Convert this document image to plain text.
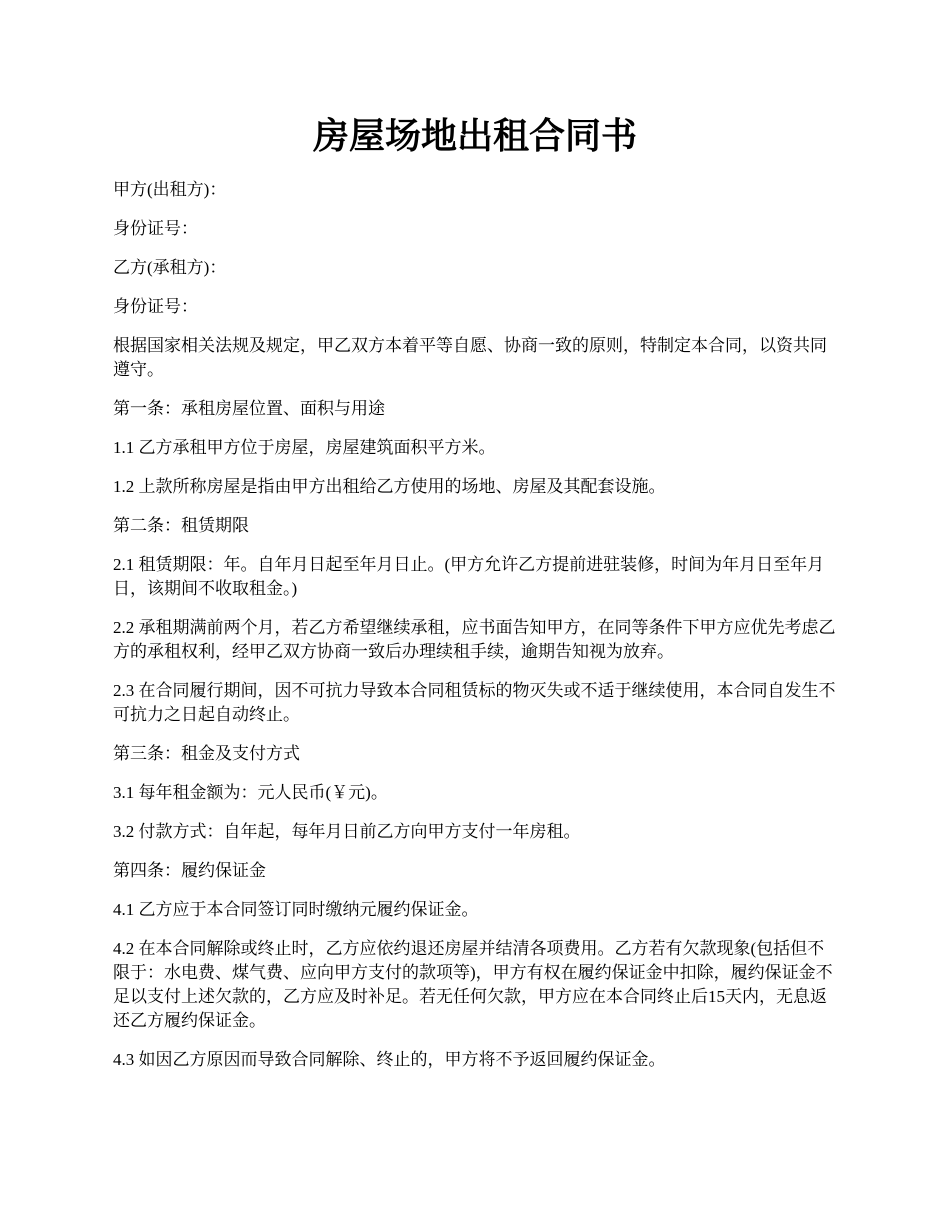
房屋场地出租合同书

甲方(出租方)：

身份证号：

乙方(承租方)：

身份证号：

根据国家相关法规及规定，甲乙双方本着平等自愿、协商一致的原则，特制定本合同，以资共同遵守。

第一条：承租房屋位置、面积与用途

1.1 乙方承租甲方位于房屋，房屋建筑面积平方米。

1.2 上款所称房屋是指由甲方出租给乙方使用的场地、房屋及其配套设施。

第二条：租赁期限

2.1 租赁期限：年。自年月日起至年月日止。(甲方允许乙方提前进驻装修，时间为年月日至年月日，该期间不收取租金。)

2.2 承租期满前两个月，若乙方希望继续承租，应书面告知甲方，在同等条件下甲方应优先考虑乙方的承租权利，经甲乙双方协商一致后办理续租手续，逾期告知视为放弃。

2.3 在合同履行期间，因不可抗力导致本合同租赁标的物灭失或不适于继续使用，本合同自发生不可抗力之日起自动终止。

第三条：租金及支付方式

3.1 每年租金额为：元人民币(￥元)。

3.2 付款方式：自年起，每年月日前乙方向甲方支付一年房租。

第四条：履约保证金

4.1 乙方应于本合同签订同时缴纳元履约保证金。

4.2 在本合同解除或终止时，乙方应依约退还房屋并结清各项费用。乙方若有欠款现象(包括但不限于：水电费、煤气费、应向甲方支付的款项等)，甲方有权在履约保证金中扣除，履约保证金不足以支付上述欠款的，乙方应及时补足。若无任何欠款，甲方应在本合同终止后15天内，无息返还乙方履约保证金。

4.3 如因乙方原因而导致合同解除、终止的，甲方将不予返回履约保证金。
